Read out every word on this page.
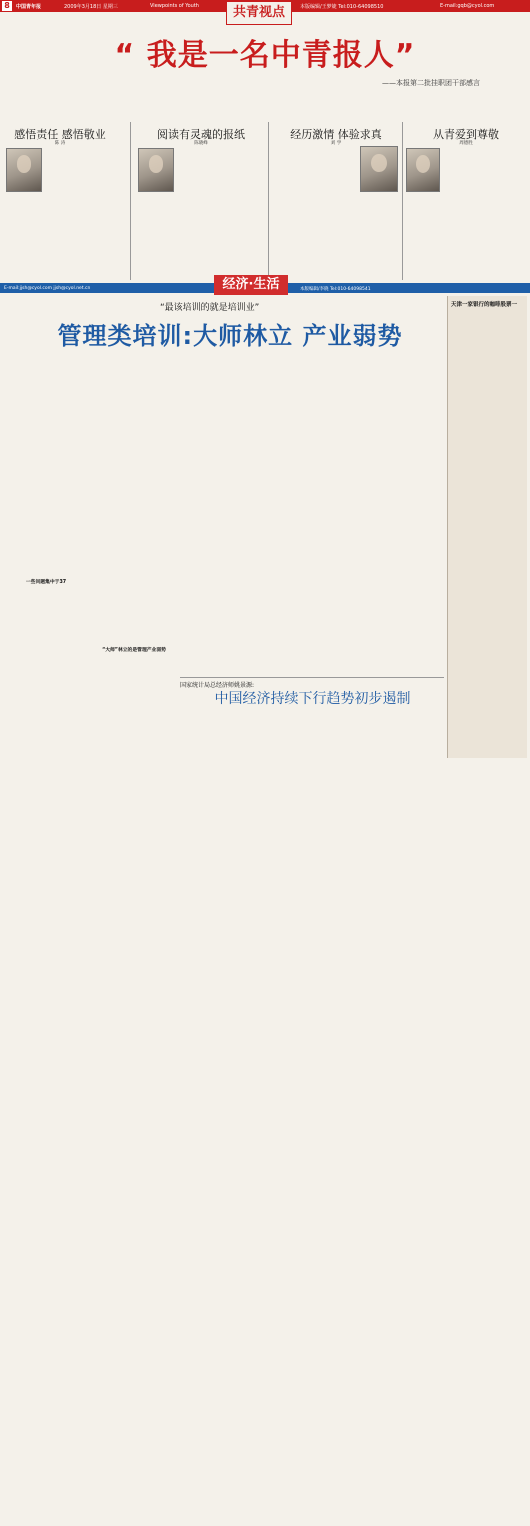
8	中国青年报	2009年3月18日 星期三	Viewpoints of Youth	本版编辑/王梦婕 Tel:010-64098510	E-mail:gqb@cyol.com
共青视点
“ 我是一名中青报人”
——本报第二批挂职团干部感言
感悟责任 感悟敬业
陈 涛
阅读有灵魂的报纸
陈晓峰
经历激情 体验求真
刘 学
从青爱到尊敬
周德胜
E-mail:jjsh@cyol.com jjsh@cyol.net.cn	本版编辑/李晓 Tel:010-64098541
经济·生活
“最该培训的就是培训业”
管理类培训:大师林立 产业弱势
一些问题集中于37
“大师”林立的是管理产业弱势
天津一家银行的咖啡股票一
国家统计局总经济师姚景源:
中国经济持续下行趋势初步遏制
